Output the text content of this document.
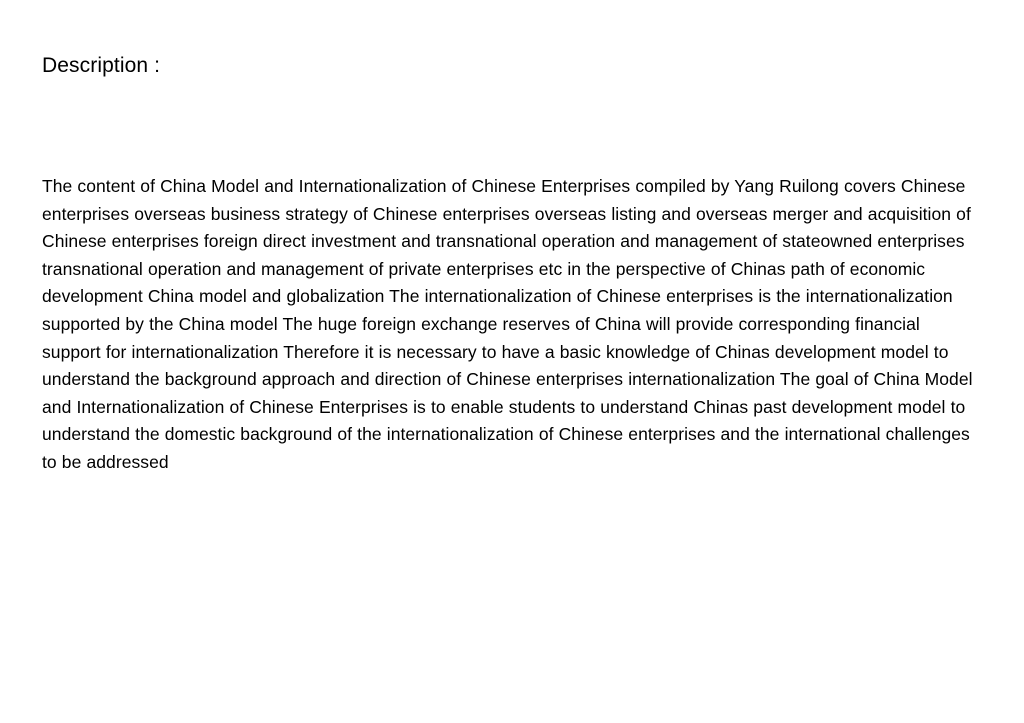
Description :
The content of China Model and Internationalization of Chinese Enterprises compiled by Yang Ruilong covers Chinese enterprises overseas business strategy of Chinese enterprises overseas listing and overseas merger and acquisition of Chinese enterprises foreign direct investment and transnational operation and management of stateowned enterprises transnational operation and management of private enterprises etc in the perspective of Chinas path of economic development China model and globalization The internationalization of Chinese enterprises is the internationalization supported by the China model The huge foreign exchange reserves of China will provide corresponding financial support for internationalization Therefore it is necessary to have a basic knowledge of Chinas development model to understand the background approach and direction of Chinese enterprises internationalization The goal of China Model and Internationalization of Chinese Enterprises is to enable students to understand Chinas past development model to understand the domestic background of the internationalization of Chinese enterprises and the international challenges to be addressed
